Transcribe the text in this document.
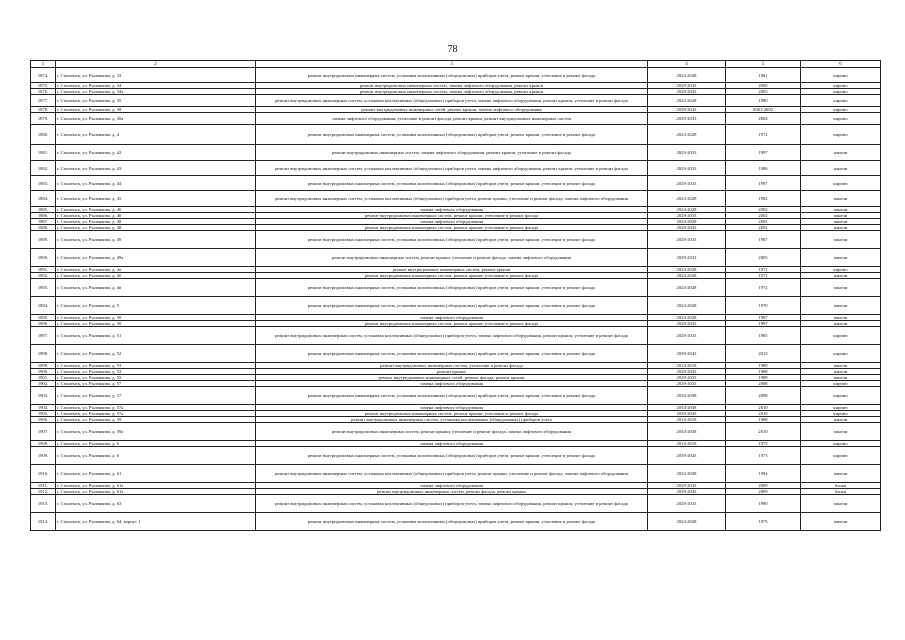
78
1	2	3	4	5	6
1874.	г. Смоленск, ул. Рыленкова, д. 33	ремонт внутридомовых инженерных систем, установка коллективных (общедомовых) приборов учета, ремонт крыши, утепление и ремонт фасада	2024-2028	1981	кирпич
1875.	г. Смоленск, ул. Рыленкова, д. 34	ремонт внутридомовых инженерных систем, замена лифтового оборудования, ремонт крыши	2029-2033	2006	кирпич
1876.	г. Смоленск, ул. Рыленкова, д. 34а	ремонт внутридомовых инженерных систем, замена лифтового оборудования, ремонт крыши	2029-2033	2005	кирпич
1877.	г. Смоленск, ул. Рыленкова, д. 35	ремонт внутридомовых инженерных систем, установка коллективных (общедомовых) приборов учета, замена лифтового оборудования, ремонт крыши, утепление и ремонт фасада	2024-2028	1980	кирпич
1878.	г. Смоленск, ул. Рыленкова, д. 38	ремонт внутридомовых инженерных сетей, ремонт крыши, замена лифтового оборудования	2039-2043	2001-2002	кирпич
1879.	г. Смоленск, ул. Рыленкова, д. 38а	замена лифтового оборудования, утепление и ремонт фасада, ремонт крыши, ремонт внутридомовых инженерных систем	2029-2033	2004	кирпич
1880.	г. Смоленск, ул. Рыленкова, д. 4	ремонт внутридомовых инженерных систем, установка коллективных (общедомовых) приборов учета, ремонт крыши, утепление и ремонт фасада	2024-2028	1972	кирпич
1881.	г. Смоленск, ул. Рыленкова, д. 42	ремонт внутридомовых инженерных систем, замена лифтового оборудования, ремонт крыши, утепление и ремонт фасада	2029-2033	1997	панели
1882.	г. Смоленск, ул. Рыленкова, д. 43	ремонт внутридомовых инженерных систем, установка коллективных (общедомовых) приборов учета, замена лифтового оборудования, ремонт крыши, утепление и ремонт фасада	2029-2033	1986	панели
1883.	г. Смоленск, ул. Рыленкова, д. 44	ремонт внутридомовых инженерных систем, установка коллективных (общедомовых) приборов учета, ремонт крыши, утепление и ремонт фасада	2029-2033	1997	кирпич
1884.	г. Смоленск, ул. Рыленкова, д. 45	ремонт внутридомовых инженерных систем, установка коллективных (общедомовых) приборов учета, ремонт крыши, утепление и ремонт фасада, замена лифтового оборудования	2024-2028	1982	панели
1885.	г. Смоленск, ул. Рыленкова, д. 46	замена лифтового оборудования	2024-2028	2002	панели
1886.	г. Смоленск, ул. Рыленкова, д. 46	ремонт внутридомовых инженерных систем, ремонт крыши, утепление и ремонт фасада	2029-2033	2002	панели
1887.	г. Смоленск, ул. Рыленкова, д. 48	замена лифтового оборудования	2024-2028	2002	панели
1888.	г. Смоленск, ул. Рыленкова, д. 48	ремонт внутридомовых инженерных систем, ремонт крыши, утепление и ремонт фасада	2029-2033	2002	панели
1889.	г. Смоленск, ул. Рыленкова, д. 49	ремонт внутридомовых инженерных систем, установка коллективных (общедомовых) приборов учета, ремонт крыши, утепление и ремонт фасада	2029-2033	1987	панели
1890.	г. Смоленск, ул. Рыленкова, д. 49а	ремонт внутридомовых инженерных систем, ремонт крыши, утепление и ремонт фасада, замена лифтового оборудования	2029-2033	2005	панели
1891.	г. Смоленск, ул. Рыленкова, д. 4а	ремонт внутридомовых инженерных систем, ремонт крыши	2024-2028	1971	кирпич
1892.	г. Смоленск, ул. Рыленкова, д. 4б	ремонт внутридомовых инженерных систем, ремонт крыши, утепление и ремонт фасада	2024-2028	1971	панели
1893.	г. Смоленск, ул. Рыленкова, д. 4в	ремонт внутридомовых инженерных систем, установка коллективных (общедомовых) приборов учета, ремонт крыши, утепление и ремонт фасада	2024-2028	1972	панели
1894.	г. Смоленск, ул. Рыленкова, д. 5	ремонт внутридомовых инженерных систем, установка коллективных (общедомовых) приборов учета, ремонт крыши, утепление и ремонт фасада	2024-2028	1970	панели
1895.	г. Смоленск, ул. Рыленкова, д. 50	замена лифтового оборудования	2024-2028	1997	панели
1896.	г. Смоленск, ул. Рыленкова, д. 50	ремонт внутридомовых инженерных систем, ремонт крыши, утепление и ремонт фасада	2029-2033	1997	панели
1897.	г. Смоленск, ул. Рыленкова, д. 51	ремонт внутридомовых инженерных систем, установка коллективных (общедомовых) приборов учета, замена лифтового оборудования, ремонт крыши, утепление и ремонт фасада	2029-2033	1985	кирпич
1898.	г. Смоленск, ул. Рыленкова, д. 52	ремонт внутридомовых инженерных систем, установка коллективных (общедомовых) приборов учета, ремонт крыши, утепление и ремонт фасада	2039-2043	2013	кирпич
1899.	г. Смоленск, ул. Рыленкова, д. 53	ремонт внутридомовых инженерных систем, утепление и ремонт фасада	2014-2018	1988	панели
1900.	г. Смоленск, ул. Рыленкова, д. 53	ремонт крыши	2029-2033	1988	панели
1901.	г. Смоленск, ул. Рыленкова, д. 55	ремонт внутридомовых инженерных сетей, ремонт фасада, ремонт крыши	2029-2033	1988	панели
1902.	г. Смоленск, ул. Рыленкова, д. 57	замена лифтового оборудования	2029-2033	2008	кирпич
1903.	г. Смоленск, ул. Рыленкова, д. 57	ремонт внутридомовых инженерных систем, установка коллективных (общедомовых) приборов учета, ремонт крыши, утепление и ремонт фасада	2034-2038	2008	кирпич
1904.	г. Смоленск, ул. Рыленкова, д. 57а	замена лифтового оборудования	2034-2038	2010	кирпич
1905.	г. Смоленск, ул. Рыленкова, д. 57а	ремонт внутридомовых инженерных систем, ремонт крыши, утепление и ремонт фасада	2039-2043	2010	кирпич
1906.	г. Смоленск, ул. Рыленкова, д. 59	ремонт внутридомовых инженерных систем, установка коллективных (общедомовых) приборов учета	2014-2018	1988	панели
1907.	г. Смоленск, ул. Рыленкова, д. 59а	ремонт внутридомовых инженерных систем, ремонт крыши, утепление и ремонт фасада, замена лифтового оборудования	2034-2038	2010	панели
1908.	г. Смоленск, ул. Рыленкова, д. 6	замена лифтового оборудования	2014-2018	1973	кирпич
1909.	г. Смоленск, ул. Рыленкова, д. 6	ремонт внутридомовых инженерных систем, установка коллективных (общедомовых) приборов учета, ремонт крыши, утепление и ремонт фасада	2039-2043	1973	кирпич
1910.	г. Смоленск, ул. Рыленкова, д. 61	ремонт внутридомовых инженерных систем, установка коллективных (общедомовых) приборов учета, ремонт крыши, утепление и ремонт фасада, замена лифтового оборудования	2034-2038	1994	панели
1911.	г. Смоленск, ул. Рыленкова, д. 61а	замена лифтового оборудования	2029-2033	2009	блоки
1912.	г. Смоленск, ул. Рыленкова, д. 61а	ремонт внутридомовых инженерных систем, ремонт фасада, ремонт крыши	2039-2043	2009	блоки
1913.	г. Смоленск, ул. Рыленкова, д. 63	ремонт внутридомовых инженерных систем, установка коллективных (общедомовых) приборов учета, замена лифтового оборудования, ремонт крыши, утепление и ремонт фасада	2029-2033	1990	панели
1914.	г. Смоленск, ул. Рыленкова, д. 64, корпус 1	ремонт внутридомовых инженерных систем, установка коллективных (общедомовых) приборов учета, ремонт крыши, утепление и ремонт фасада	2024-2028	1975	панели
